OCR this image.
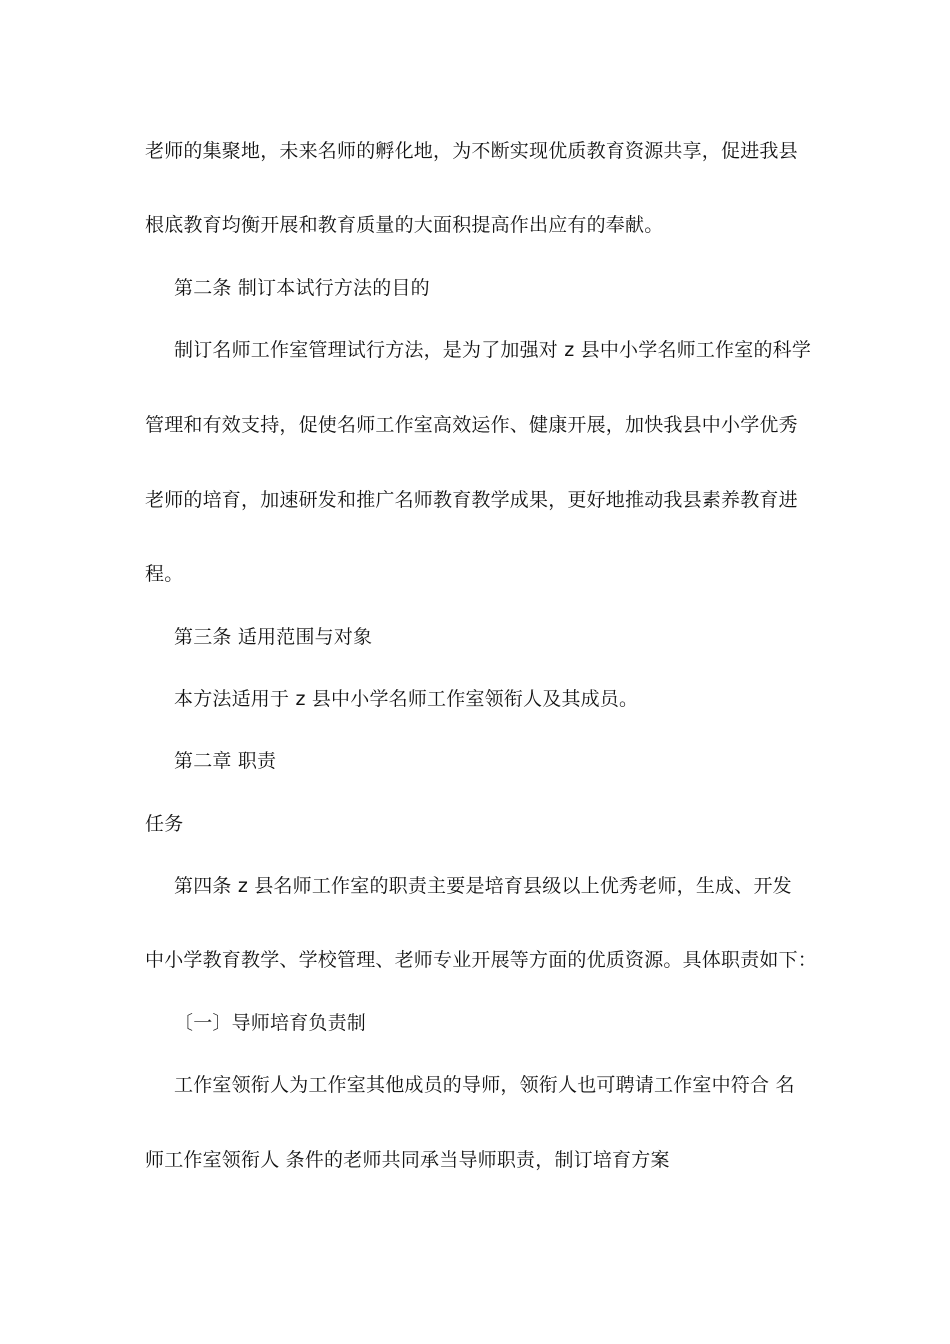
老师的集聚地，未来名师的孵化地，为不断实现优质教育资源共享，促进我县
根底教育均衡开展和教育质量的大面积提高作出应有的奉献。
第二条 制订本试行方法的目的
制订名师工作室管理试行方法，是为了加强对 z 县中小学名师工作室的科学
管理和有效支持，促使名师工作室高效运作、健康开展，加快我县中小学优秀
老师的培育，加速研发和推广名师教育教学成果，更好地推动我县素养教育进
程。
第三条 适用范围与对象
本方法适用于 z 县中小学名师工作室领衔人及其成员。
第二章 职责
任务
第四条 z 县名师工作室的职责主要是培育县级以上优秀老师，生成、开发
中小学教育教学、学校管理、老师专业开展等方面的优质资源。具体职责如下：
〔一〕导师培育负责制
工作室领衔人为工作室其他成员的导师，领衔人也可聘请工作室中符合 名
师工作室领衔人 条件的老师共同承当导师职责，制订培育方案
